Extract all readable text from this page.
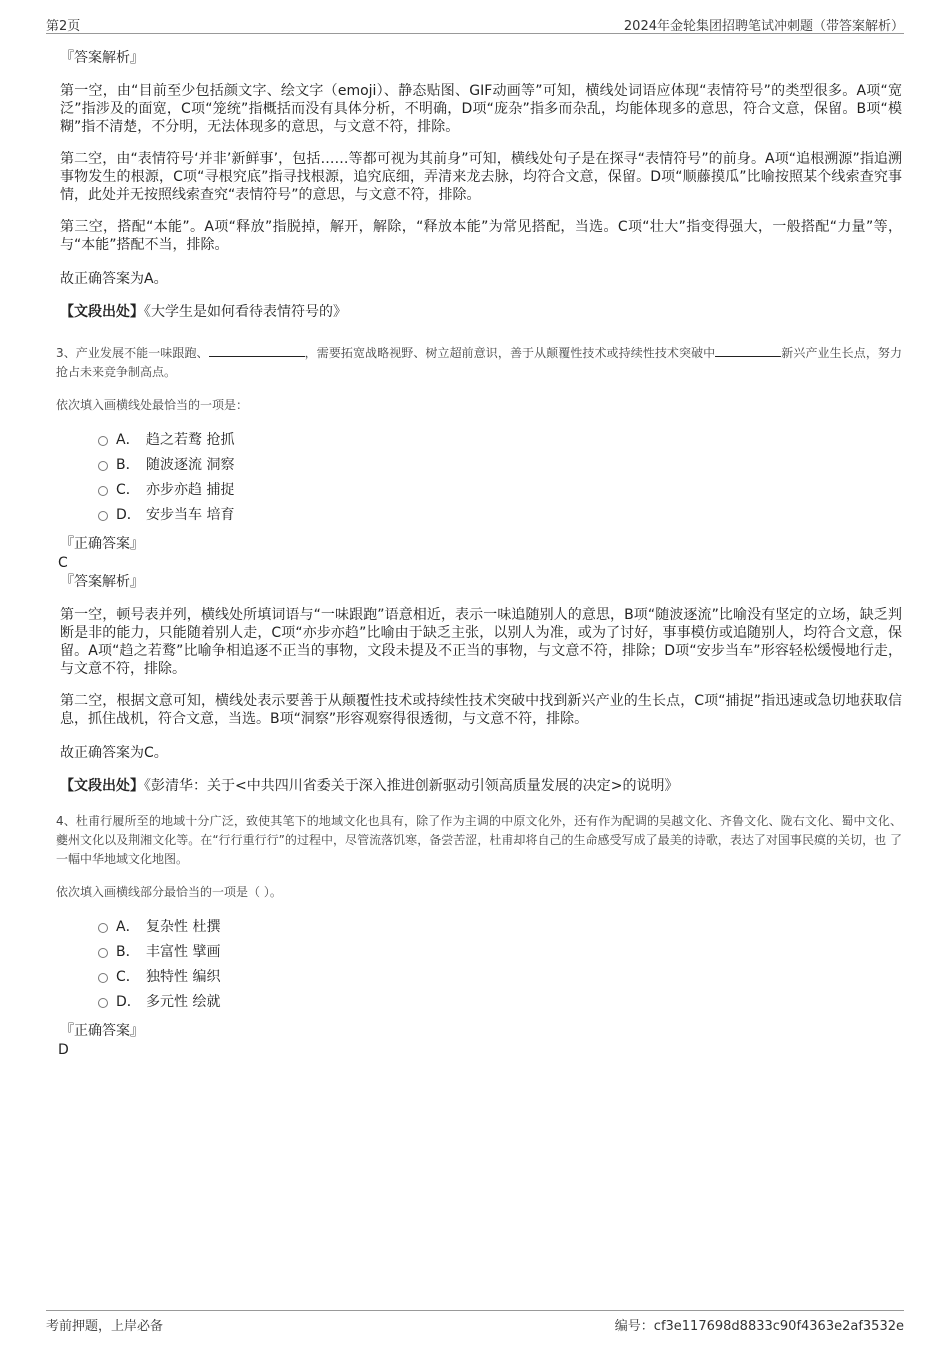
第2页	2024年金轮集团招聘笔试冲刺题（带答案解析）

『答案解析』

第一空，由“目前至少包括颜文字、绘文字（emoji）、静态贴图、GIF动画等”可知，横线处词语应体现“表情符号”的类型很多。A项“宽泛”指涉及的面宽，C项“笼统”指概括而没有具体分析，不明确，D项“庞杂”指多而杂乱，均能体现多的意思，符合文意，保留。B项“模糊”指不清楚，不分明，无法体现多的意思，与文意不符，排除。

第二空，由“表情符号‘并非’新鲜事’，包括……等都可视为其前身”可知，横线处句子是在探寻“表情符号”的前身。A项“追根溯源”指追溯事物发生的根源，C项“寻根究底”指寻找根源，追究底细，弄清来龙去脉，均符合文意，保留。D项“顺藤摸瓜”比喻按照某个线索查究事情，此处并无按照线索查究“表情符号”的意思，与文意不符，排除。

第三空，搭配“本能”。A项“释放”指脱掉，解开，解除，“释放本能”为常见搭配，当选。C项“壮大”指变得强大，一般搭配“力量”等，与“本能”搭配不当，排除。

故正确答案为A。

【文段出处】《大学生是如何看待表情符号的》

3、产业发展不能一味跟跑、	，需要拓宽战略视野、树立超前意识，善于从颠覆性技术或持续性技术突破中	新兴产业生长点，努力抢占未来竞争制高点。

依次填入画横线处最恰当的一项是：

A． 趋之若鹜 抢抓
B． 随波逐流 洞察
C． 亦步亦趋 捕捉
D． 安步当车 培育

『正确答案』

C

『答案解析』

第一空，顿号表并列，横线处所填词语与“一味跟跑”语意相近，表示一味追随别人的意思，B项“随波逐流”比喻没有坚定的立场，缺乏判断是非的能力，只能随着别人走，C项“亦步亦趋”比喻由于缺乏主张，以别人为准，或为了讨好，事事模仿或追随别人，均符合文意，保留。A项“趋之若鹜”比喻争相追逐不正当的事物，文段未提及不正当的事物，与文意不符，排除；D项“安步当车”形容轻松缓慢地行走，与文意不符，排除。

第二空，根据文意可知，横线处表示要善于从颠覆性技术或持续性技术突破中找到新兴产业的生长点，C项“捕捉”指迅速或急切地获取信息，抓住战机，符合文意，当选。B项“洞察”形容观察得很透彻，与文意不符，排除。

故正确答案为C。

【文段出处】《彭清华：关于<中共四川省委关于深入推进创新驱动引领高质量发展的决定>的说明》

4、杜甫行履所至的地域十分广泛，致使其笔下的地域文化也具有，除了作为主调的中原文化外，还有作为配调的吴越文化、齐鲁文化、陇右文化、蜀中文化、夔州文化以及荆湘文化等。在“行行重行行”的过程中，尽管流落饥寒，备尝苦涩，杜甫却将自己的生命感受写成了最美的诗歌，表达了对国事民瘼的关切，也 了一幅中华地域文化地图。

依次填入画横线部分最恰当的一项是（ ）。

A． 复杂性 杜撰
B． 丰富性 擘画
C． 独特性 编织
D． 多元性 绘就

『正确答案』

D

考前押题，上岸必备	编号：cf3e117698d8833c90f4363e2af3532e
